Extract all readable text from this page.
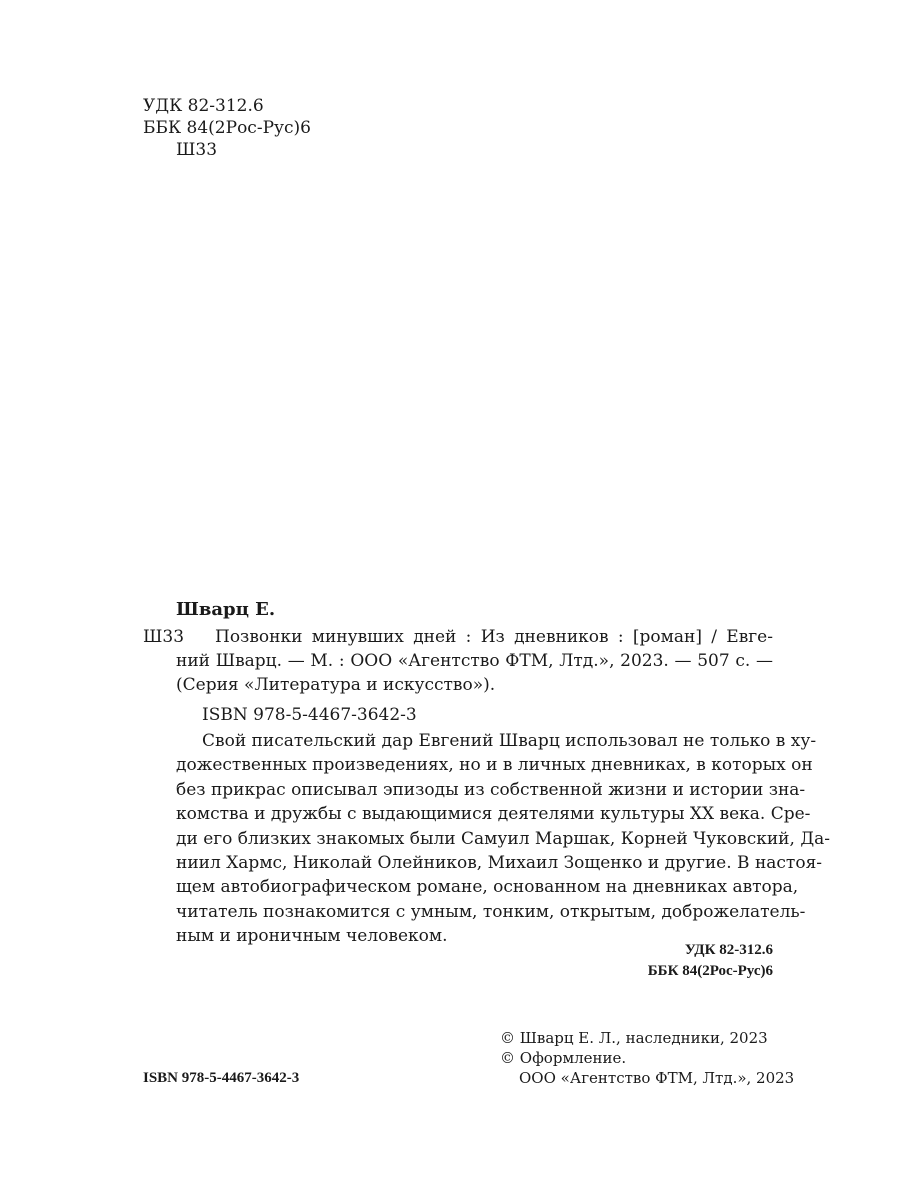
УДК 82-312.6
ББК 84(2Рос-Рус)6
Ш33
Шварц Е.
Ш33 Позвонки минувших дней : Из дневников : [роман] / Евге-
ний Шварц. — М. : ООО «Агентство ФТМ, Лтд.», 2023. — 507 с. —
(Серия «Литература и искусство»).
ISBN 978-5-4467-3642-3
Свой писательский дар Евгений Шварц использовал не только в ху-
дожественных произведениях, но и в личных дневниках, в которых он
без прикрас описывал эпизоды из собственной жизни и истории зна-
комства и дружбы с выдающимися деятелями культуры XX века. Сре-
ди его близких знакомых были Самуил Маршак, Корней Чуковский, Да-
ниил Хармс, Николай Олейников, Михаил Зощенко и другие. В настоя-
щем автобиографическом романе, основанном на дневниках автора,
читатель познакомится с умным, тонким, открытым, доброжелатель-
ным и ироничным человеком.
УДК 82-312.6
ББК 84(2Рос-Рус)6
© Шварц Е. Л., наследники, 2023
© Оформление.
ООО «Агентство ФТМ, Лтд.», 2023
ISBN 978-5-4467-3642-3
